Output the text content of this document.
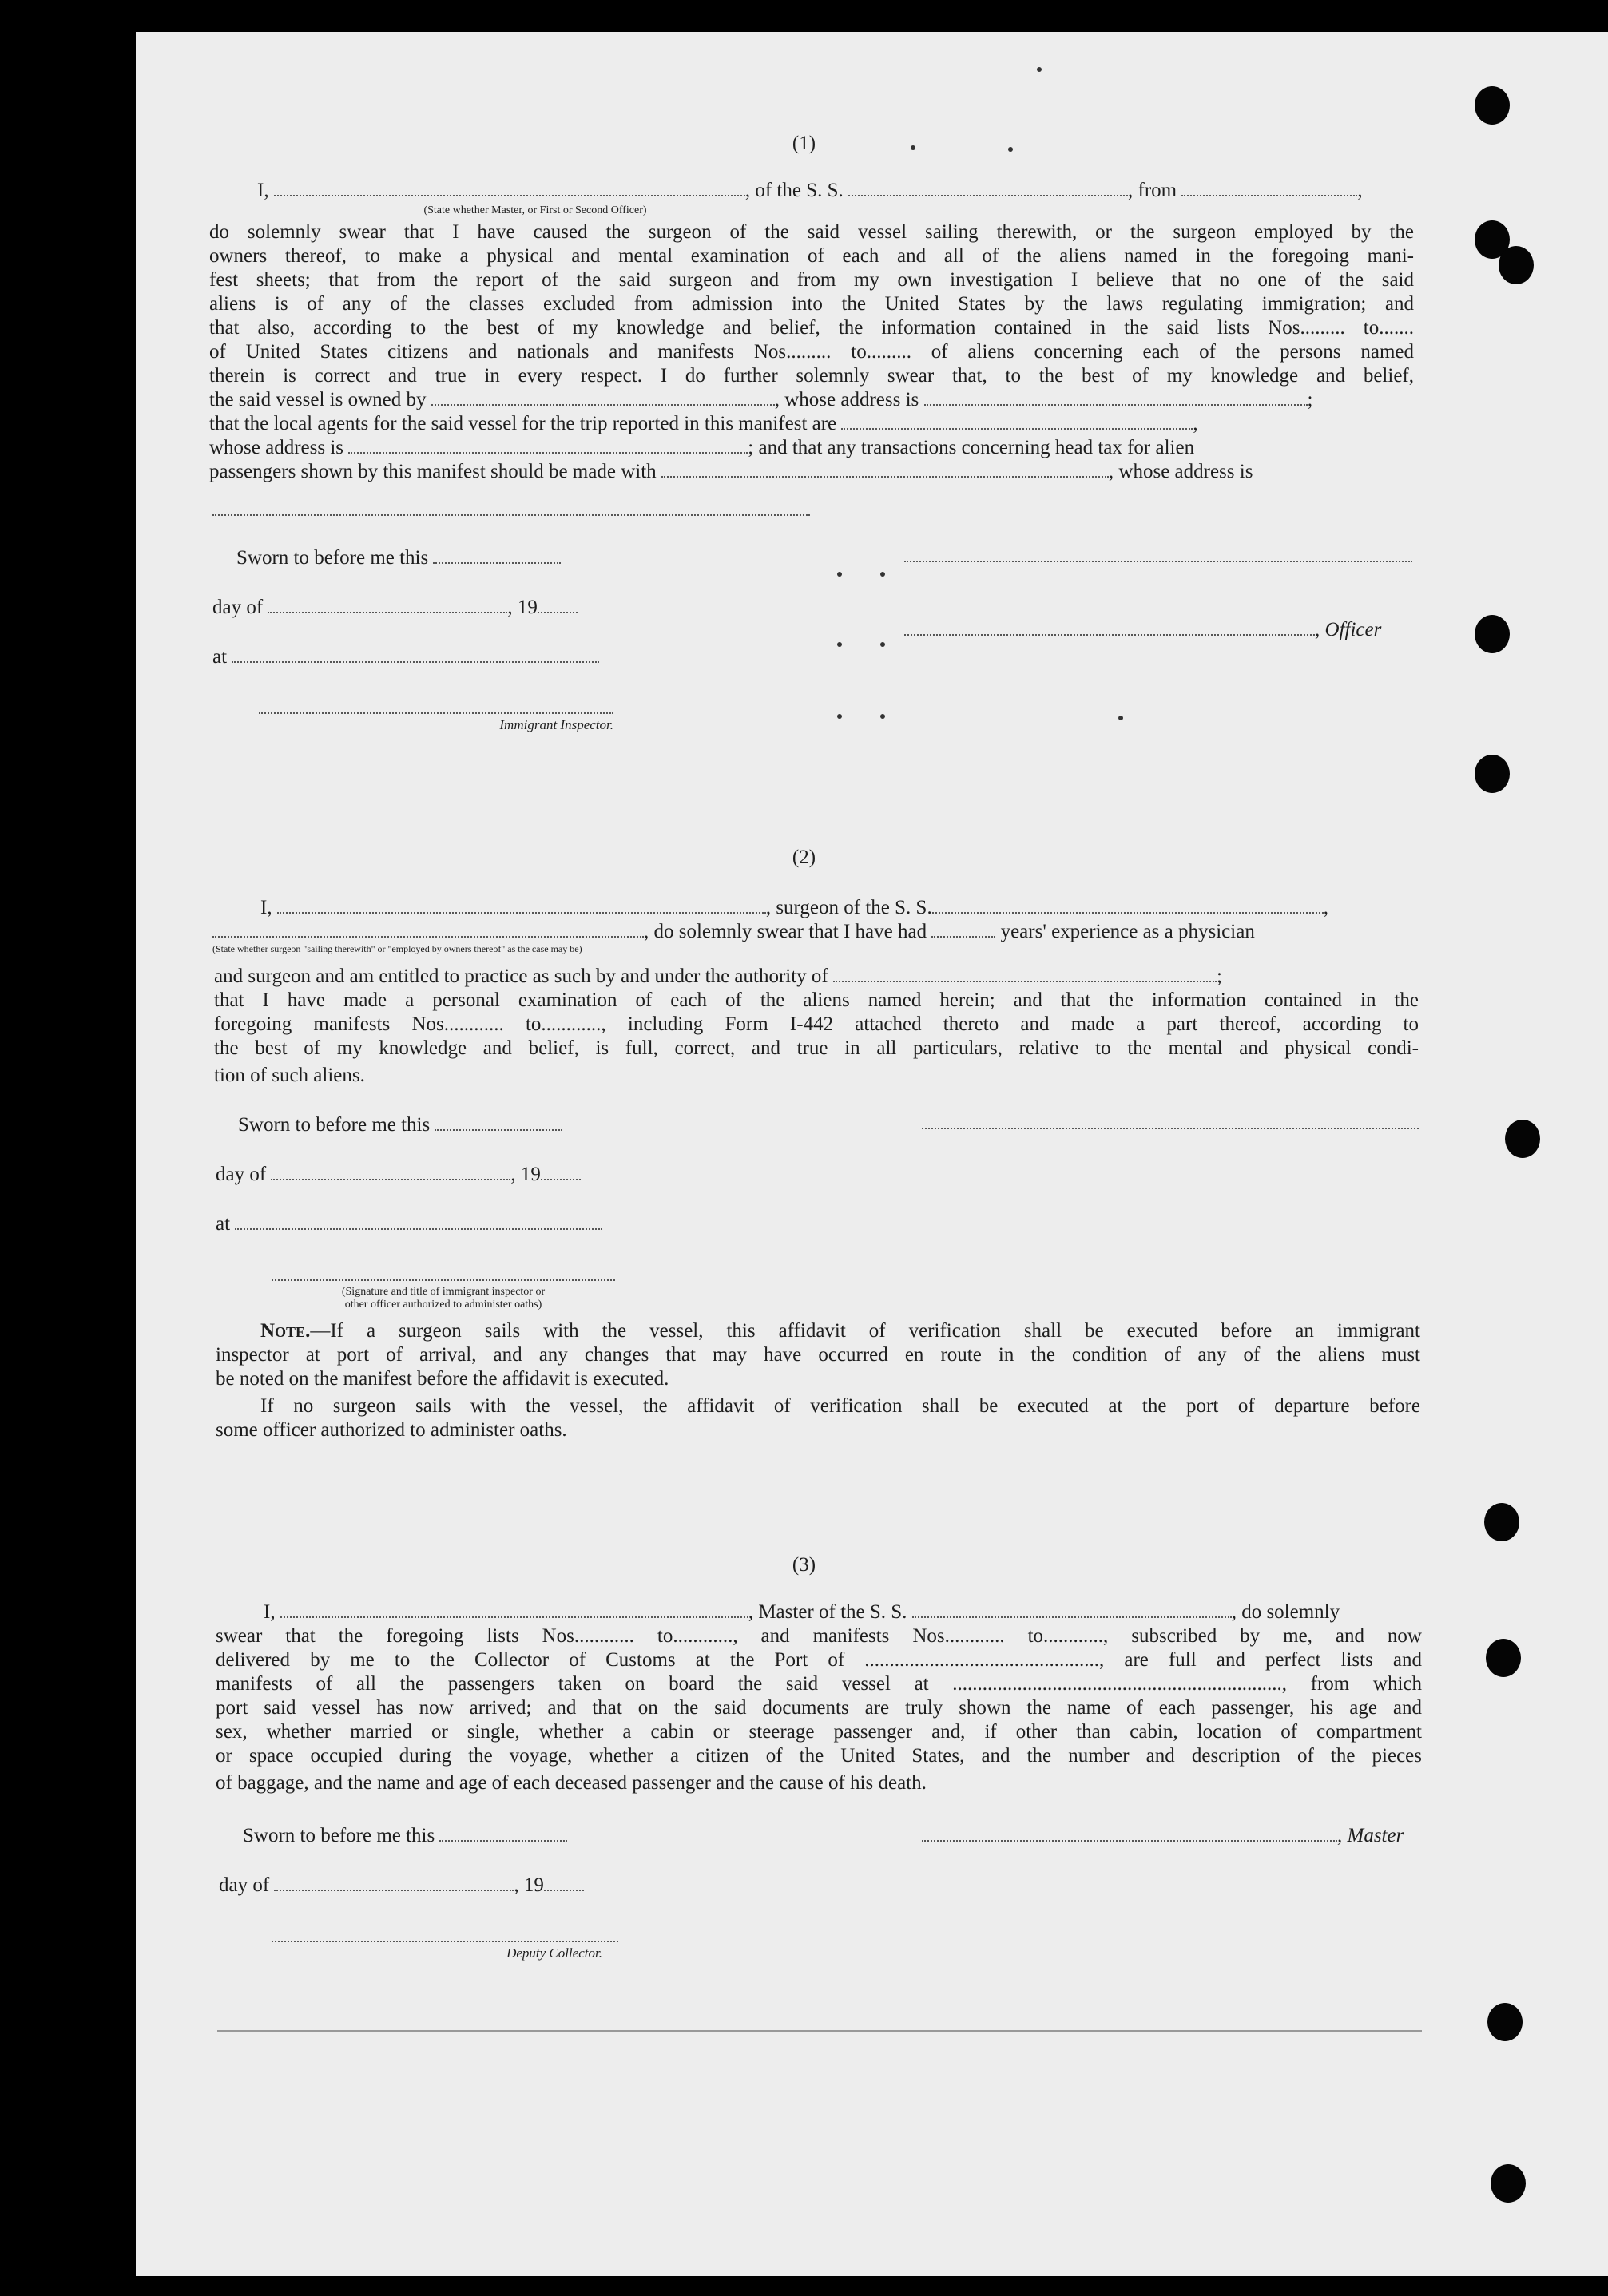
(1)
I,	, of the S. S.	, from	,
(State whether Master, or First or Second Officer)
do solemnly swear that I have caused the surgeon of the said vessel sailing therewith, or the surgeon employed by the
owners thereof, to make a physical and mental examination of each and all of the aliens named in the foregoing mani-
fest sheets; that from the report of the said surgeon and from my own investigation I believe that no one of the said
aliens is of any of the classes excluded from admission into the United States by the laws regulating immigration; and
that also, according to the best of my knowledge and belief, the information contained in the said lists Nos......... to.......
of United States citizens and nationals and manifests Nos......... to......... of aliens concerning each of the persons named
therein is correct and true in every respect. I do further solemnly swear that, to the best of my knowledge and belief,
the said vessel is owned by	, whose address is	;
that the local agents for the said vessel for the trip reported in this manifest are	,
whose address is	; and that any transactions concerning head tax for alien
passengers shown by this manifest should be made with	, whose address is
Sworn to before me this
day of	, 19
, Officer
at
Immigrant Inspector.
(2)
I,	, surgeon of the S. S.	,
, do solemnly swear that I have had	years' experience as a physician
(State whether surgeon "sailing therewith" or "employed by owners thereof" as the case may be)
and surgeon and am entitled to practice as such by and under the authority of	;
that I have made a personal examination of each of the aliens named herein; and that the information contained in the
foregoing manifests Nos............ to............, including Form I-442 attached thereto and made a part thereof, according to
the best of my knowledge and belief, is full, correct, and true in all particulars, relative to the mental and physical condi-
tion of such aliens.
Sworn to before me this
day of	, 19
at
(Signature and title of immigrant inspector or
other officer authorized to administer oaths)
Note.—If a surgeon sails with the vessel, this affidavit of verification shall be executed before an immigrant
inspector at port of arrival, and any changes that may have occurred en route in the condition of any of the aliens must
be noted on the manifest before the affidavit is executed.
If no surgeon sails with the vessel, the affidavit of verification shall be executed at the port of departure before
some officer authorized to administer oaths.
(3)
I,	, Master of the S. S.	, do solemnly
swear that the foregoing lists Nos............ to............, and manifests Nos............ to............, subscribed by me, and now
delivered by me to the Collector of Customs at the Port of ..............................................., are full and perfect lists and
manifests of all the passengers taken on board the said vessel at .................................................................., from which
port said vessel has now arrived; and that on the said documents are truly shown the name of each passenger, his age and
sex, whether married or single, whether a cabin or steerage passenger and, if other than cabin, location of compartment
or space occupied during the voyage, whether a citizen of the United States, and the number and description of the pieces
of baggage, and the name and age of each deceased passenger and the cause of his death.
Sworn to before me this	, Master
day of	, 19
Deputy Collector.
